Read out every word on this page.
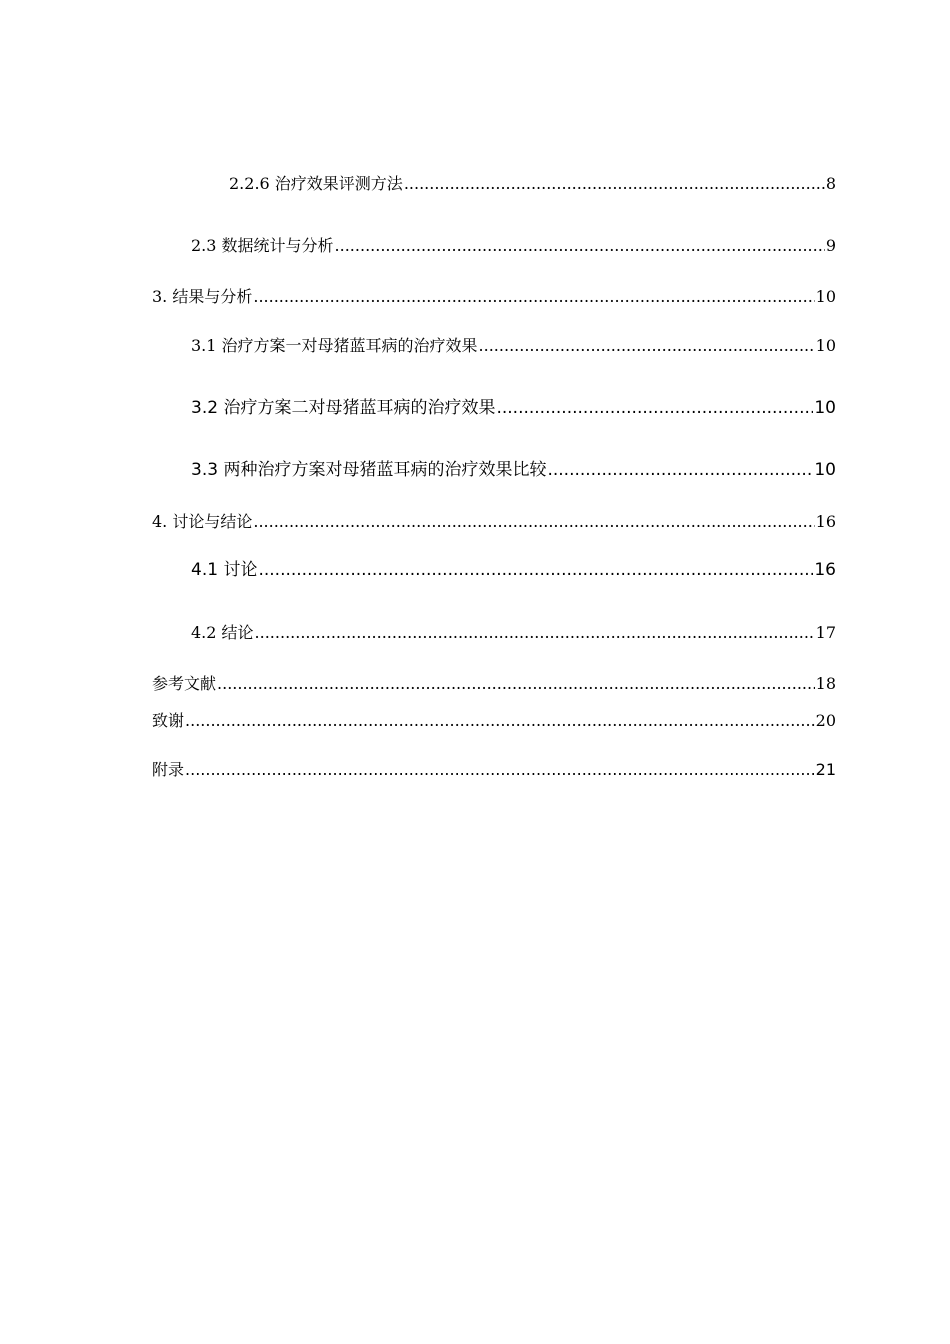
2.2.6 治疗效果评测方法 .....	8
2.3 数据统计与分析 .....	9
3. 结果与分析 .....	10
3.1 治疗方案一对母猪蓝耳病的治疗效果 .....	10
3.2 治疗方案二对母猪蓝耳病的治疗效果 .....	10
3.3 两种治疗方案对母猪蓝耳病的治疗效果比较 .....	10
4. 讨论与结论 .....	16
4.1 讨论 .....	16
4.2 结论 .....	17
参考文献 .....	18
致谢 .....	20
附录 .....	21
